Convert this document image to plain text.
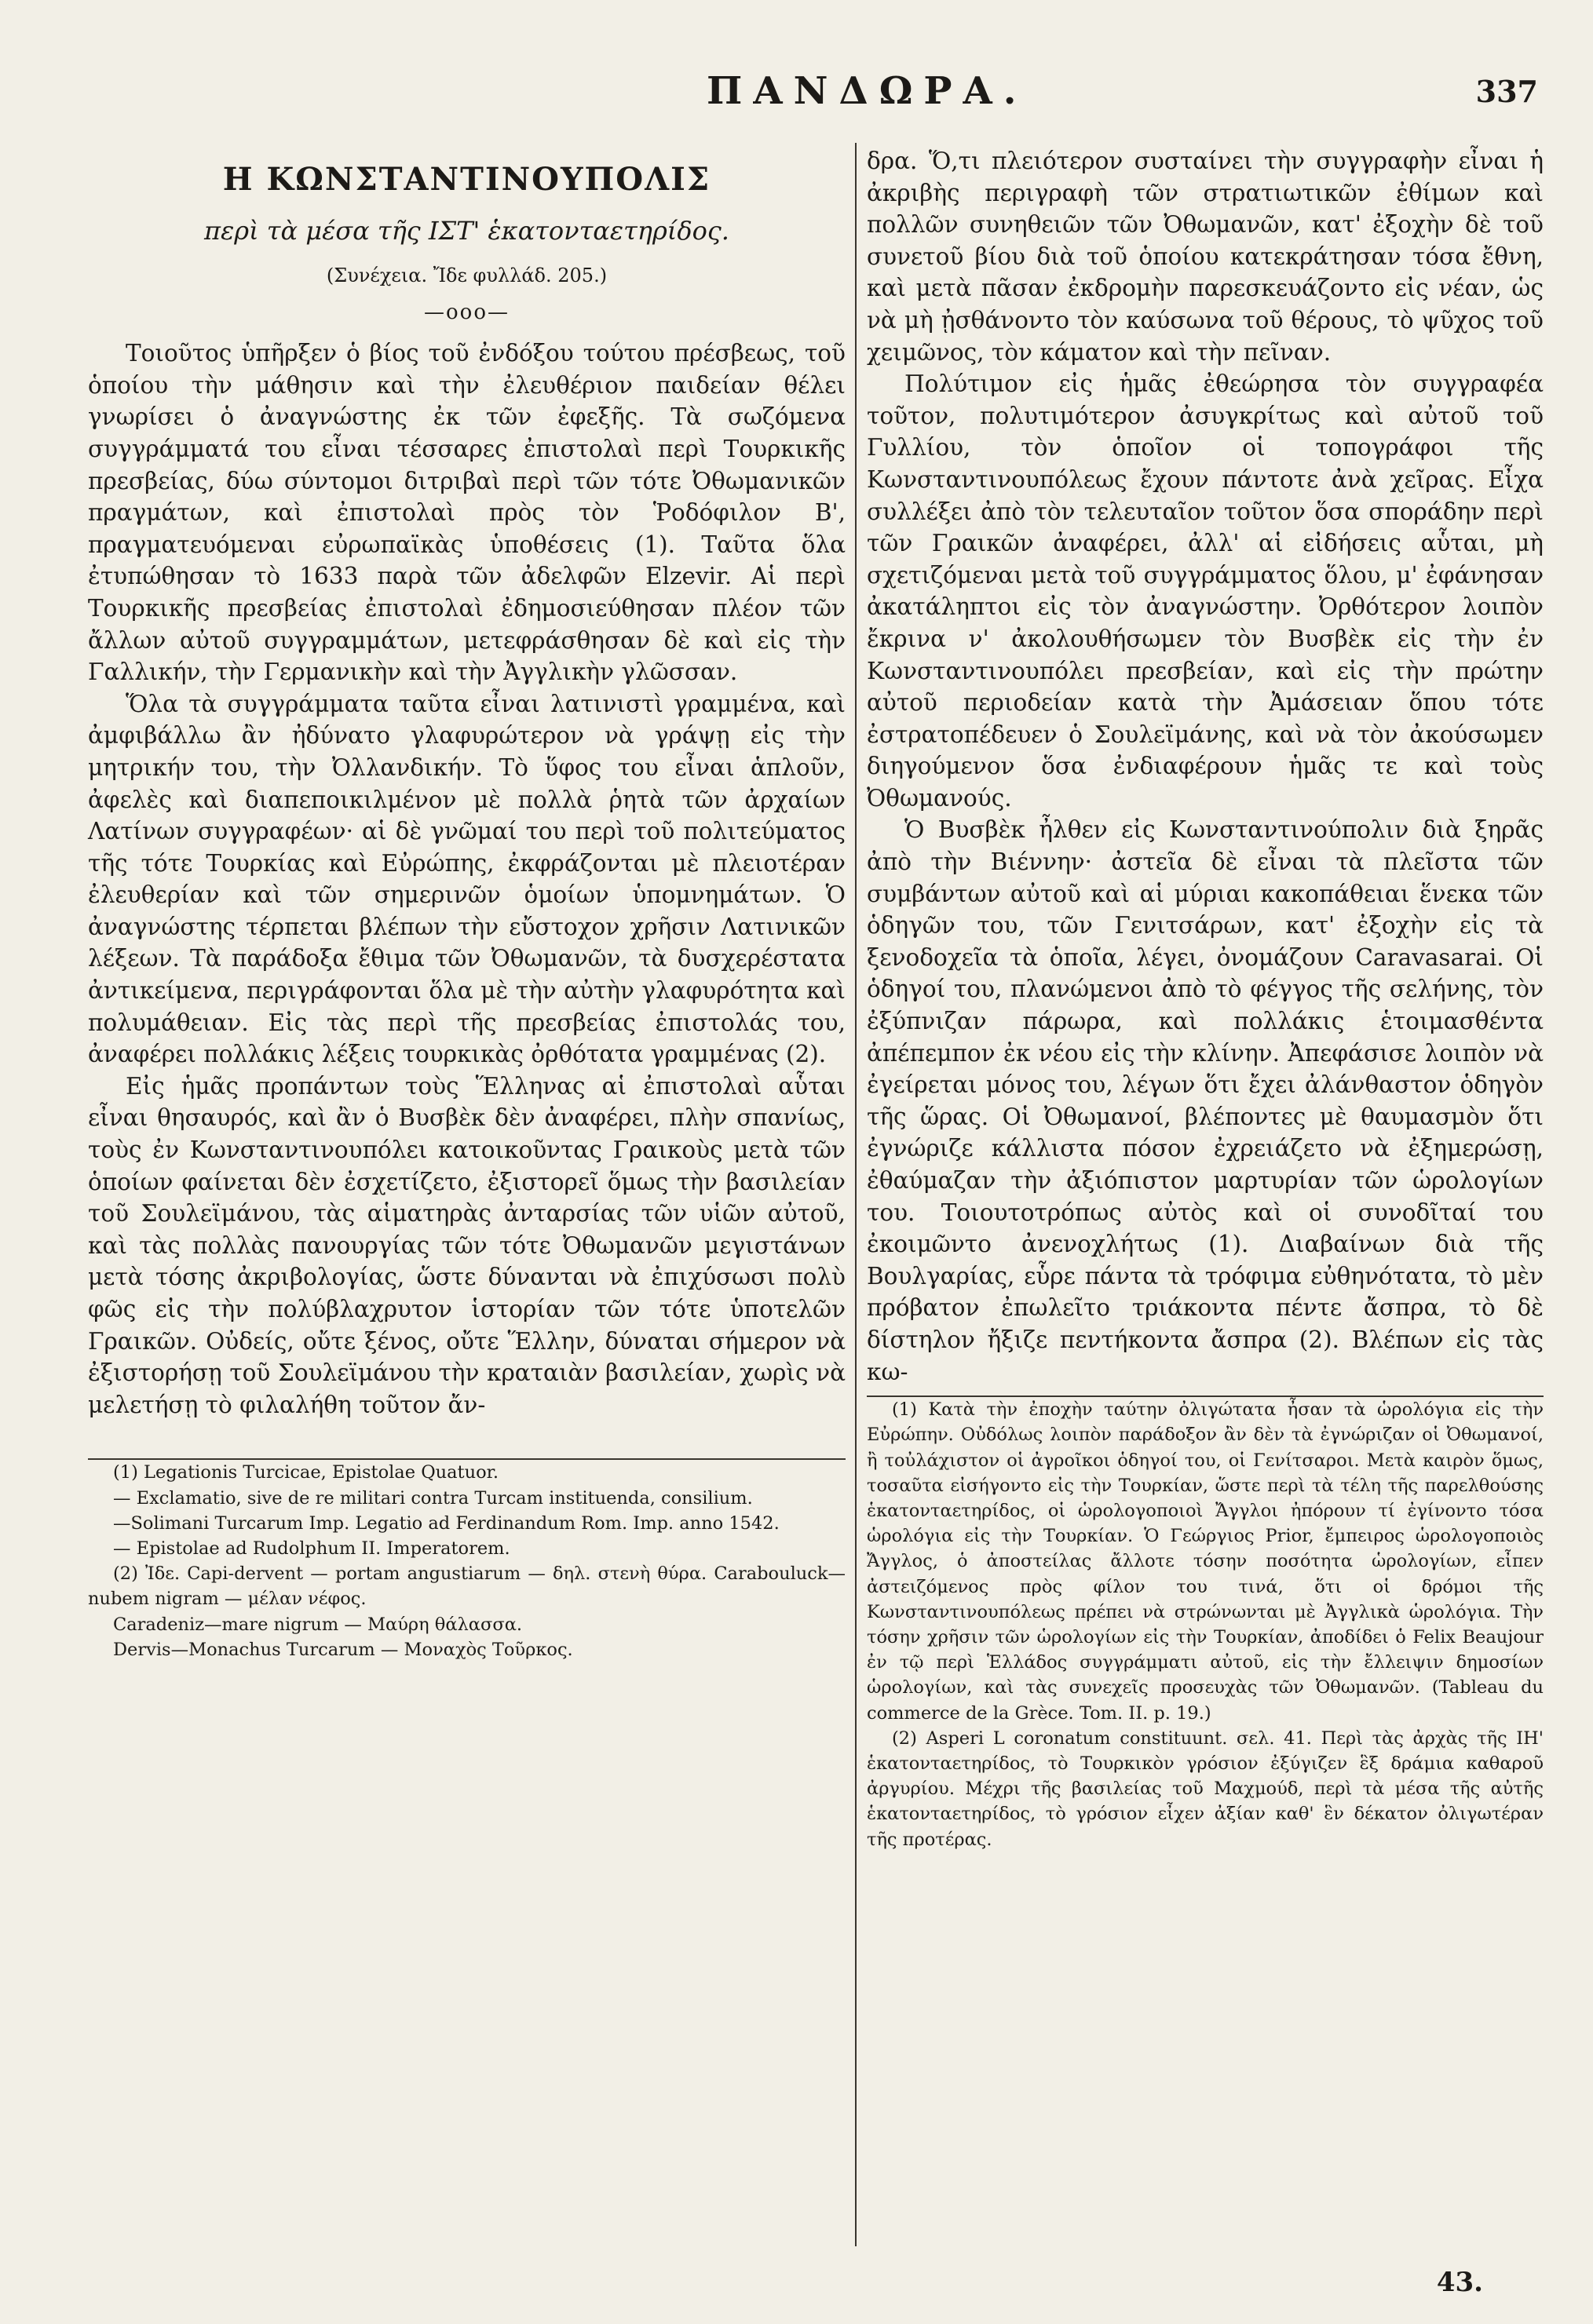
ΠΑΝΔΩΡΑ.	337
Η ΚΩΝΣΤΑΝΤΙΝΟΥΠΟΛΙΣ
περὶ τὰ μέσα τῆς ΙΣΤ' ἑκατονταετηρίδος.
(Συνέχεια. Ἴδε φυλλάδ. 205.)
—οοο—

Τοιοῦτος ὑπῆρξεν ὁ βίος τοῦ ἐνδόξου τούτου πρέσβεως, τοῦ ὁποίου τὴν μάθησιν καὶ τὴν ἐλευθέριον παιδείαν θέλει γνωρίσει ὁ ἀναγνώστης ἐκ τῶν ἐφεξῆς. Τὰ σωζόμενα συγγράμματά του εἶναι τέσσαρες ἐπιστολαὶ περὶ Τουρκικῆς πρεσβείας, δύω σύντομοι διτριβαὶ περὶ τῶν τότε Ὀθωμανικῶν πραγμάτων, καὶ ἐπιστολαὶ πρὸς τὸν Ῥοδόφιλον Β', πραγματευόμεναι εὐρωπαϊκὰς ὑποθέσεις (1). Ταῦτα ὅλα ἐτυπώθησαν τὸ 1633 παρὰ τῶν ἀδελφῶν Elzevir. Αἱ περὶ Τουρκικῆς πρεσβείας ἐπιστολαὶ ἐδημοσιεύθησαν πλέον τῶν ἄλλων αὐτοῦ συγγραμμάτων, μετεφράσθησαν δὲ καὶ εἰς τὴν Γαλλικήν, τὴν Γερμανικὴν καὶ τὴν Ἀγγλικὴν γλῶσσαν.

Ὅλα τὰ συγγράμματα ταῦτα εἶναι λατινιστὶ γραμμένα, καὶ ἀμφιβάλλω ἂν ἠδύνατο γλαφυρώτερον νὰ γράψῃ εἰς τὴν μητρικήν του, τὴν Ὀλλανδικήν. Τὸ ὕφος του εἶναι ἁπλοῦν, ἀφελὲς καὶ διαπεποικιλμένον μὲ πολλὰ ῥητὰ τῶν ἀρχαίων Λατίνων συγγραφέων· αἱ δὲ γνῶμαί του περὶ τοῦ πολιτεύματος τῆς τότε Τουρκίας καὶ Εὐρώπης, ἐκφράζονται μὲ πλειοτέραν ἐλευθερίαν καὶ τῶν σημερινῶν ὁμοίων ὑπομνημάτων. Ὁ ἀναγνώστης τέρπεται βλέπων τὴν εὔστοχον χρῆσιν Λατινικῶν λέξεων. Τὰ παράδοξα ἔθιμα τῶν Ὀθωμανῶν, τὰ δυσχερέστατα ἀντικείμενα, περιγράφονται ὅλα μὲ τὴν αὐτὴν γλαφυρότητα καὶ πολυμάθειαν. Εἰς τὰς περὶ τῆς πρεσβείας ἐπιστολάς του, ἀναφέρει πολλάκις λέξεις τουρκικὰς ὀρθότατα γραμμένας (2).

Εἰς ἡμᾶς προπάντων τοὺς Ἕλληνας αἱ ἐπιστολαὶ αὗται εἶναι θησαυρός, καὶ ἂν ὁ Βυσβὲκ δὲν ἀναφέρει, πλὴν σπανίως, τοὺς ἐν Κωνσταντινουπόλει κατοικοῦντας Γραικοὺς μετὰ τῶν ὁποίων φαίνεται δὲν ἐσχετίζετο, ἐξιστορεῖ ὅμως τὴν βασιλείαν τοῦ Σουλεϊμάνου, τὰς αἱματηρὰς ἀνταρσίας τῶν υἱῶν αὐτοῦ, καὶ τὰς πολλὰς πανουργίας τῶν τότε Ὀθωμανῶν μεγιστάνων μετὰ τόσης ἀκριβολογίας, ὥστε δύνανται νὰ ἐπιχύσωσι πολὺ φῶς εἰς τὴν πολύβλαχρυτον ἱστορίαν τῶν τότε ὑποτελῶν Γραικῶν. Οὐδείς, οὔτε ξένος, οὔτε Ἕλλην, δύναται σήμερον νὰ ἐξιστορήσῃ τοῦ Σουλεϊμάνου τὴν κραταιὰν βασιλείαν, χωρὶς νὰ μελετήσῃ τὸ φιλαλήθη τοῦτον ἄν-

(1) Legationis Turcicae, Epistolae Quatuor.
— Exclamatio, sive de re militari contra Turcam instituenda, consilium.
—Solimani Turcarum Imp. Legatio ad Ferdinandum Rom. Imp. anno 1542.
— Epistolae ad Rudolphum II. Imperatorem.
(2) Ἰδε. Capi-dervent — portam angustiarum — δηλ. στενὴ θύρα. Carabouluck—nubem nigram — μέλαν νέφος.
Caradeniz—mare nigrum — Μαύρη θάλασσα.
Dervis—Monachus Turcarum — Μοναχὸς Τοῦρκος.

δρα. Ὅ,τι πλειότερον συσταίνει τὴν συγγραφὴν εἶναι ἡ ἀκριβὴς περιγραφὴ τῶν στρατιωτικῶν ἐθίμων καὶ πολλῶν συνηθειῶν τῶν Ὀθωμανῶν, κατ' ἐξοχὴν δὲ τοῦ συνετοῦ βίου διὰ τοῦ ὁποίου κατεκράτησαν τόσα ἔθνη, καὶ μετὰ πᾶσαν ἐκδρομὴν παρεσκευάζοντο εἰς νέαν, ὡς νὰ μὴ ᾐσθάνοντο τὸν καύσωνα τοῦ θέρους, τὸ ψῦχος τοῦ χειμῶνος, τὸν κάματον καὶ τὴν πεῖναν.

Πολύτιμον εἰς ἡμᾶς ἐθεώρησα τὸν συγγραφέα τοῦτον, πολυτιμότερον ἀσυγκρίτως καὶ αὐτοῦ τοῦ Γυλλίου, τὸν ὁποῖον οἱ τοπογράφοι τῆς Κωνσταντινουπόλεως ἔχουν πάντοτε ἀνὰ χεῖρας. Εἶχα συλλέξει ἀπὸ τὸν τελευταῖον τοῦτον ὅσα σποράδην περὶ τῶν Γραικῶν ἀναφέρει, ἀλλ' αἱ εἰδήσεις αὗται, μὴ σχετιζόμεναι μετὰ τοῦ συγγράμματος ὅλου, μ' ἐφάνησαν ἀκατάληπτοι εἰς τὸν ἀναγνώστην. Ὀρθότερον λοιπὸν ἔκρινα ν' ἀκολουθήσωμεν τὸν Βυσβὲκ εἰς τὴν ἐν Κωνσταντινουπόλει πρεσβείαν, καὶ εἰς τὴν πρώτην αὐτοῦ περιοδείαν κατὰ τὴν Ἀμάσειαν ὅπου τότε ἐστρατοπέδευεν ὁ Σουλεϊμάνης, καὶ νὰ τὸν ἀκούσωμεν διηγούμενον ὅσα ἐνδιαφέρουν ἡμᾶς τε καὶ τοὺς Ὀθωμανούς.

Ὁ Βυσβὲκ ἦλθεν εἰς Κωνσταντινούπολιν διὰ ξηρᾶς ἀπὸ τὴν Βιέννην· ἀστεῖα δὲ εἶναι τὰ πλεῖστα τῶν συμβάντων αὐτοῦ καὶ αἱ μύριαι κακοπάθειαι ἕνεκα τῶν ὁδηγῶν του, τῶν Γενιτσάρων, κατ' ἐξοχὴν εἰς τὰ ξενοδοχεῖα τὰ ὁποῖα, λέγει, ὀνομάζουν Caravasarai. Οἱ ὁδηγοί του, πλανώμενοι ἀπὸ τὸ φέγγος τῆς σελήνης, τὸν ἐξύπνιζαν πάρωρα, καὶ πολλάκις ἑτοιμασθέντα ἀπέπεμπον ἐκ νέου εἰς τὴν κλίνην. Ἀπεφάσισε λοιπὸν νὰ ἐγείρεται μόνος του, λέγων ὅτι ἔχει ἀλάνθαστον ὁδηγὸν τῆς ὥρας. Οἱ Ὀθωμανοί, βλέποντες μὲ θαυμασμὸν ὅτι ἐγνώριζε κάλλιστα πόσον ἐχρειάζετο νὰ ἐξημερώσῃ, ἐθαύμαζαν τὴν ἀξιόπιστον μαρτυρίαν τῶν ὡρολογίων του. Τοιουτοτρόπως αὐτὸς καὶ οἱ συνοδῖταί του ἐκοιμῶντο ἀνενοχλήτως (1). Διαβαίνων διὰ τῆς Βουλγαρίας, εὗρε πάντα τὰ τρόφιμα εὐθηνότατα, τὸ μὲν πρόβατον ἐπωλεῖτο τριάκοντα πέντε ἄσπρα, τὸ δὲ δίστηλον ἤξιζε πεντήκοντα ἄσπρα (2). Βλέπων εἰς τὰς κω-

(1) Κατὰ τὴν ἐποχὴν ταύτην ὀλιγώτατα ἦσαν τὰ ὡρολόγια εἰς τὴν Εὐρώπην. Οὐδόλως λοιπὸν παράδοξον ἂν δὲν τὰ ἐγνώριζαν οἱ Ὀθωμανοί, ἢ τοὐλάχιστον οἱ ἀγροῖκοι ὁδηγοί του, οἱ Γενίτσαροι. Μετὰ καιρὸν ὅμως, τοσαῦτα εἰσήγοντο εἰς τὴν Τουρκίαν, ὥστε περὶ τὰ τέλη τῆς παρελθούσης ἑκατονταετηρίδος, οἱ ὡρολογοποιοὶ Ἄγγλοι ἠπόρουν τί ἐγίνοντο τόσα ὡρολόγια εἰς τὴν Τουρκίαν. Ὁ Γεώργιος Prior, ἔμπειρος ὡρολογοποιὸς Ἄγγλος, ὁ ἀποστείλας ἄλλοτε τόσην ποσότητα ὡρολογίων, εἶπεν ἀστειζόμενος πρὸς φίλον του τινά, ὅτι οἱ δρόμοι τῆς Κωνσταντινουπόλεως πρέπει νὰ στρώνωνται μὲ Ἀγγλικὰ ὡρολόγια. Τὴν τόσην χρῆσιν τῶν ὡρολογίων εἰς τὴν Τουρκίαν, ἀποδίδει ὁ Felix Beaujour ἐν τῷ περὶ Ἑλλάδος συγγράμματι αὐτοῦ, εἰς τὴν ἔλλειψιν δημοσίων ὡρολογίων, καὶ τὰς συνεχεῖς προσευχὰς τῶν Ὀθωμανῶν. (Tableau du commerce de la Grèce. Tom. II. p. 19.)
(2) Asperi L coronatum constituunt. σελ. 41. Περὶ τὰς ἀρχὰς τῆς ΙΗ' ἑκατονταετηρίδος, τὸ Τουρκικὸν γρόσιον ἐξύγιζεν ἓξ δράμια καθαροῦ ἀργυρίου. Μέχρι τῆς βασιλείας τοῦ Μαχμούδ, περὶ τὰ μέσα τῆς αὐτῆς ἑκατονταετηρίδος, τὸ γρόσιον εἶχεν ἀξίαν καθ' ἓν δέκατον ὀλιγωτέραν τῆς προτέρας.
43.
